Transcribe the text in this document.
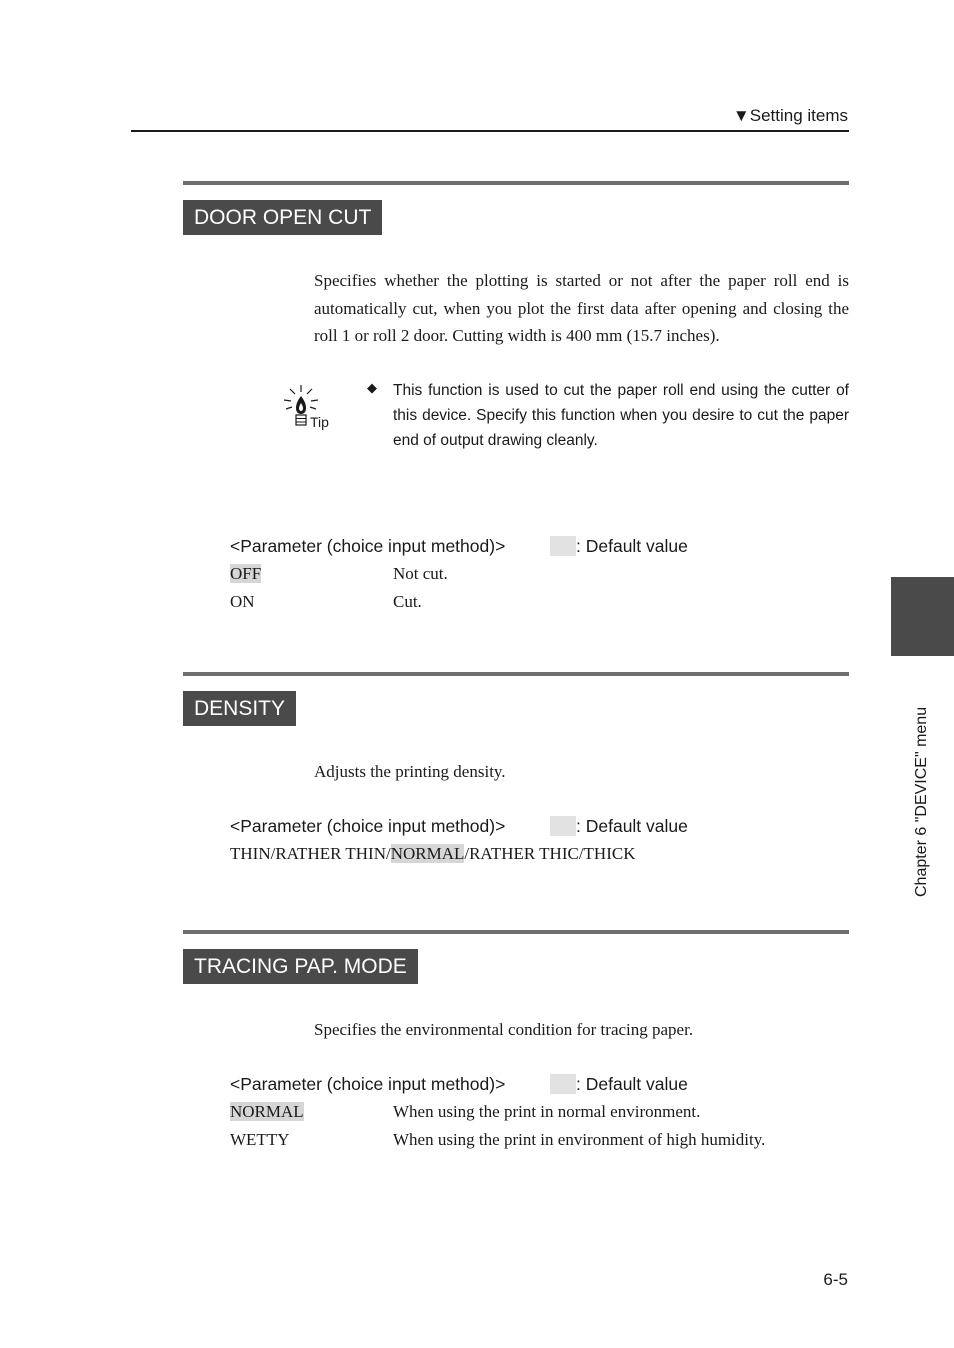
▼Setting items
DOOR OPEN CUT
Specifies whether the plotting is started or not after the paper roll end is automatically cut, when you plot the first data after opening and closing the roll 1 or roll 2 door. Cutting width is 400 mm (15.7 inches).
Tip
◆ This function is used to cut the paper roll end using the cutter of this device. Specify this function when you desire to cut the paper end of output drawing cleanly.
<Parameter (choice input method)>	: Default value
OFF	Not cut.
ON	Cut.
DENSITY
Adjusts the printing density.
<Parameter (choice input method)>	: Default value
THIN/RATHER THIN/NORMAL/RATHER THIC/THICK
TRACING PAP. MODE
Specifies the environmental condition for tracing paper.
<Parameter (choice input method)>	: Default value
NORMAL	When using the print in normal environment.
WETTY	When using the print in environment of high humidity.
Chapter 6 "DEVICE" menu
6-5
